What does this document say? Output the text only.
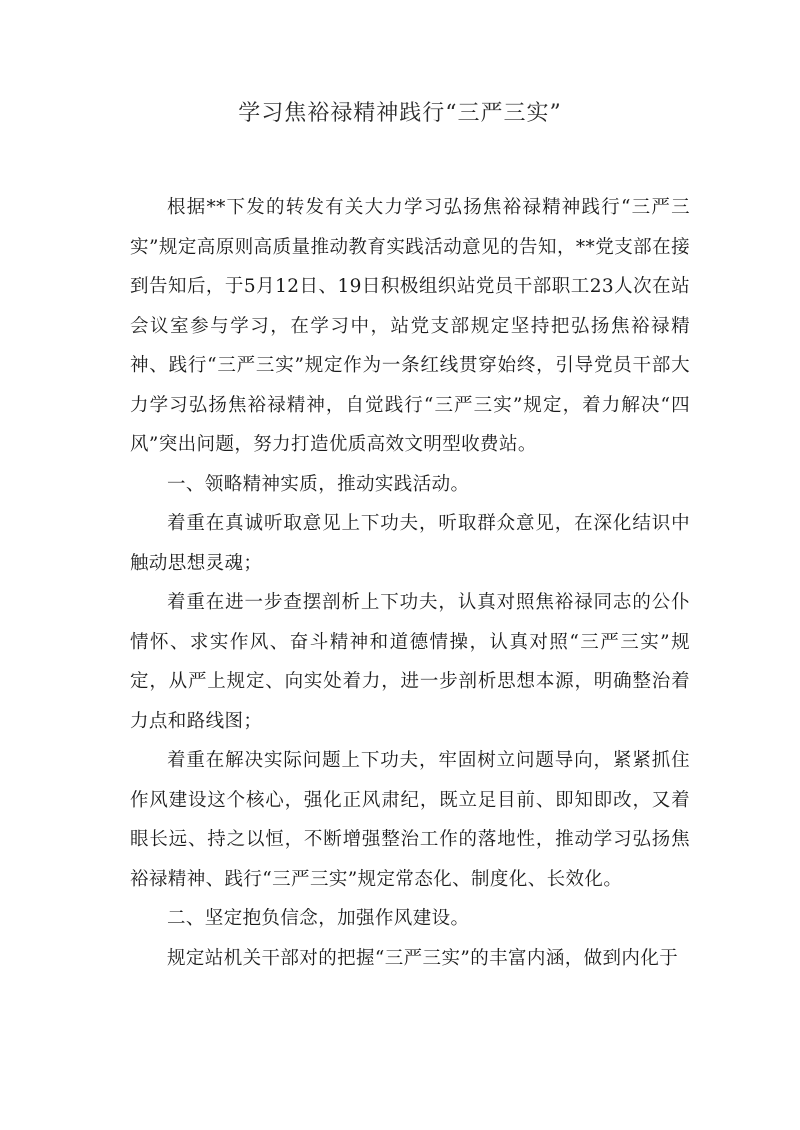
学习焦裕禄精神践行“三严三实”

根据**下发的转发有关大力学习弘扬焦裕禄精神践行“三严三实”规定高原则高质量推动教育实践活动意见的告知，**党支部在接到告知后，于5月12日、19日积极组织站党员干部职工23人次在站会议室参与学习，在学习中，站党支部规定坚持把弘扬焦裕禄精神、践行“三严三实”规定作为一条红线贯穿始终，引导党员干部大力学习弘扬焦裕禄精神，自觉践行“三严三实”规定，着力解决“四风”突出问题，努力打造优质高效文明型收费站。

一、领略精神实质，推动实践活动。

着重在真诚听取意见上下功夫，听取群众意见，在深化结识中触动思想灵魂；

着重在进一步查摆剖析上下功夫，认真对照焦裕禄同志的公仆情怀、求实作风、奋斗精神和道德情操，认真对照“三严三实”规定，从严上规定、向实处着力，进一步剖析思想本源，明确整治着力点和路线图；

着重在解决实际问题上下功夫，牢固树立问题导向，紧紧抓住作风建设这个核心，强化正风肃纪，既立足目前、即知即改，又着眼长远、持之以恒，不断增强整治工作的落地性，推动学习弘扬焦裕禄精神、践行“三严三实”规定常态化、制度化、长效化。

二、坚定抱负信念，加强作风建设。

规定站机关干部对的把握“三严三实”的丰富内涵，做到内化于
